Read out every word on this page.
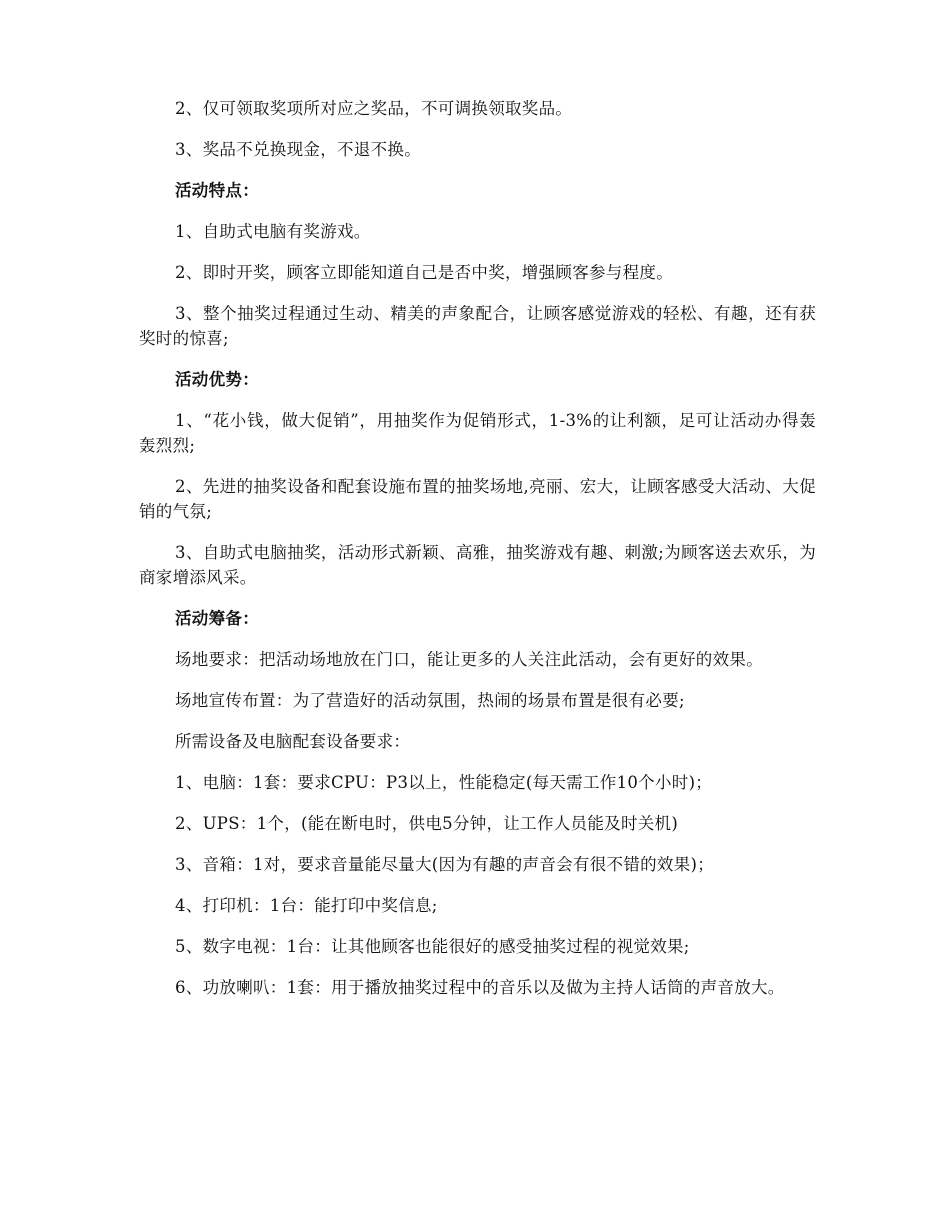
2、仅可领取奖项所对应之奖品，不可调换领取奖品。

3、奖品不兑换现金，不退不换。

活动特点：

1、自助式电脑有奖游戏。

2、即时开奖，顾客立即能知道自己是否中奖，增强顾客参与程度。

3、整个抽奖过程通过生动、精美的声象配合，让顾客感觉游戏的轻松、有趣，还有获奖时的惊喜;

活动优势：

1、“花小钱，做大促销”，用抽奖作为促销形式，1-3%的让利额，足可让活动办得轰轰烈烈;

2、先进的抽奖设备和配套设施布置的抽奖场地,亮丽、宏大，让顾客感受大活动、大促销的气氛;

3、自助式电脑抽奖，活动形式新颖、高雅，抽奖游戏有趣、刺激;为顾客送去欢乐，为商家增添风采。

活动筹备：

场地要求：把活动场地放在门口，能让更多的人关注此活动，会有更好的效果。

场地宣传布置：为了营造好的活动氛围，热闹的场景布置是很有必要;

所需设备及电脑配套设备要求：

1、电脑：1套：要求CPU：P3以上，性能稳定(每天需工作10个小时)；

2、UPS：1个，(能在断电时，供电5分钟，让工作人员能及时关机)

3、音箱：1对，要求音量能尽量大(因为有趣的声音会有很不错的效果)；

4、打印机：1台：能打印中奖信息;

5、数字电视：1台：让其他顾客也能很好的感受抽奖过程的视觉效果;

6、功放喇叭：1套：用于播放抽奖过程中的音乐以及做为主持人话筒的声音放大。
